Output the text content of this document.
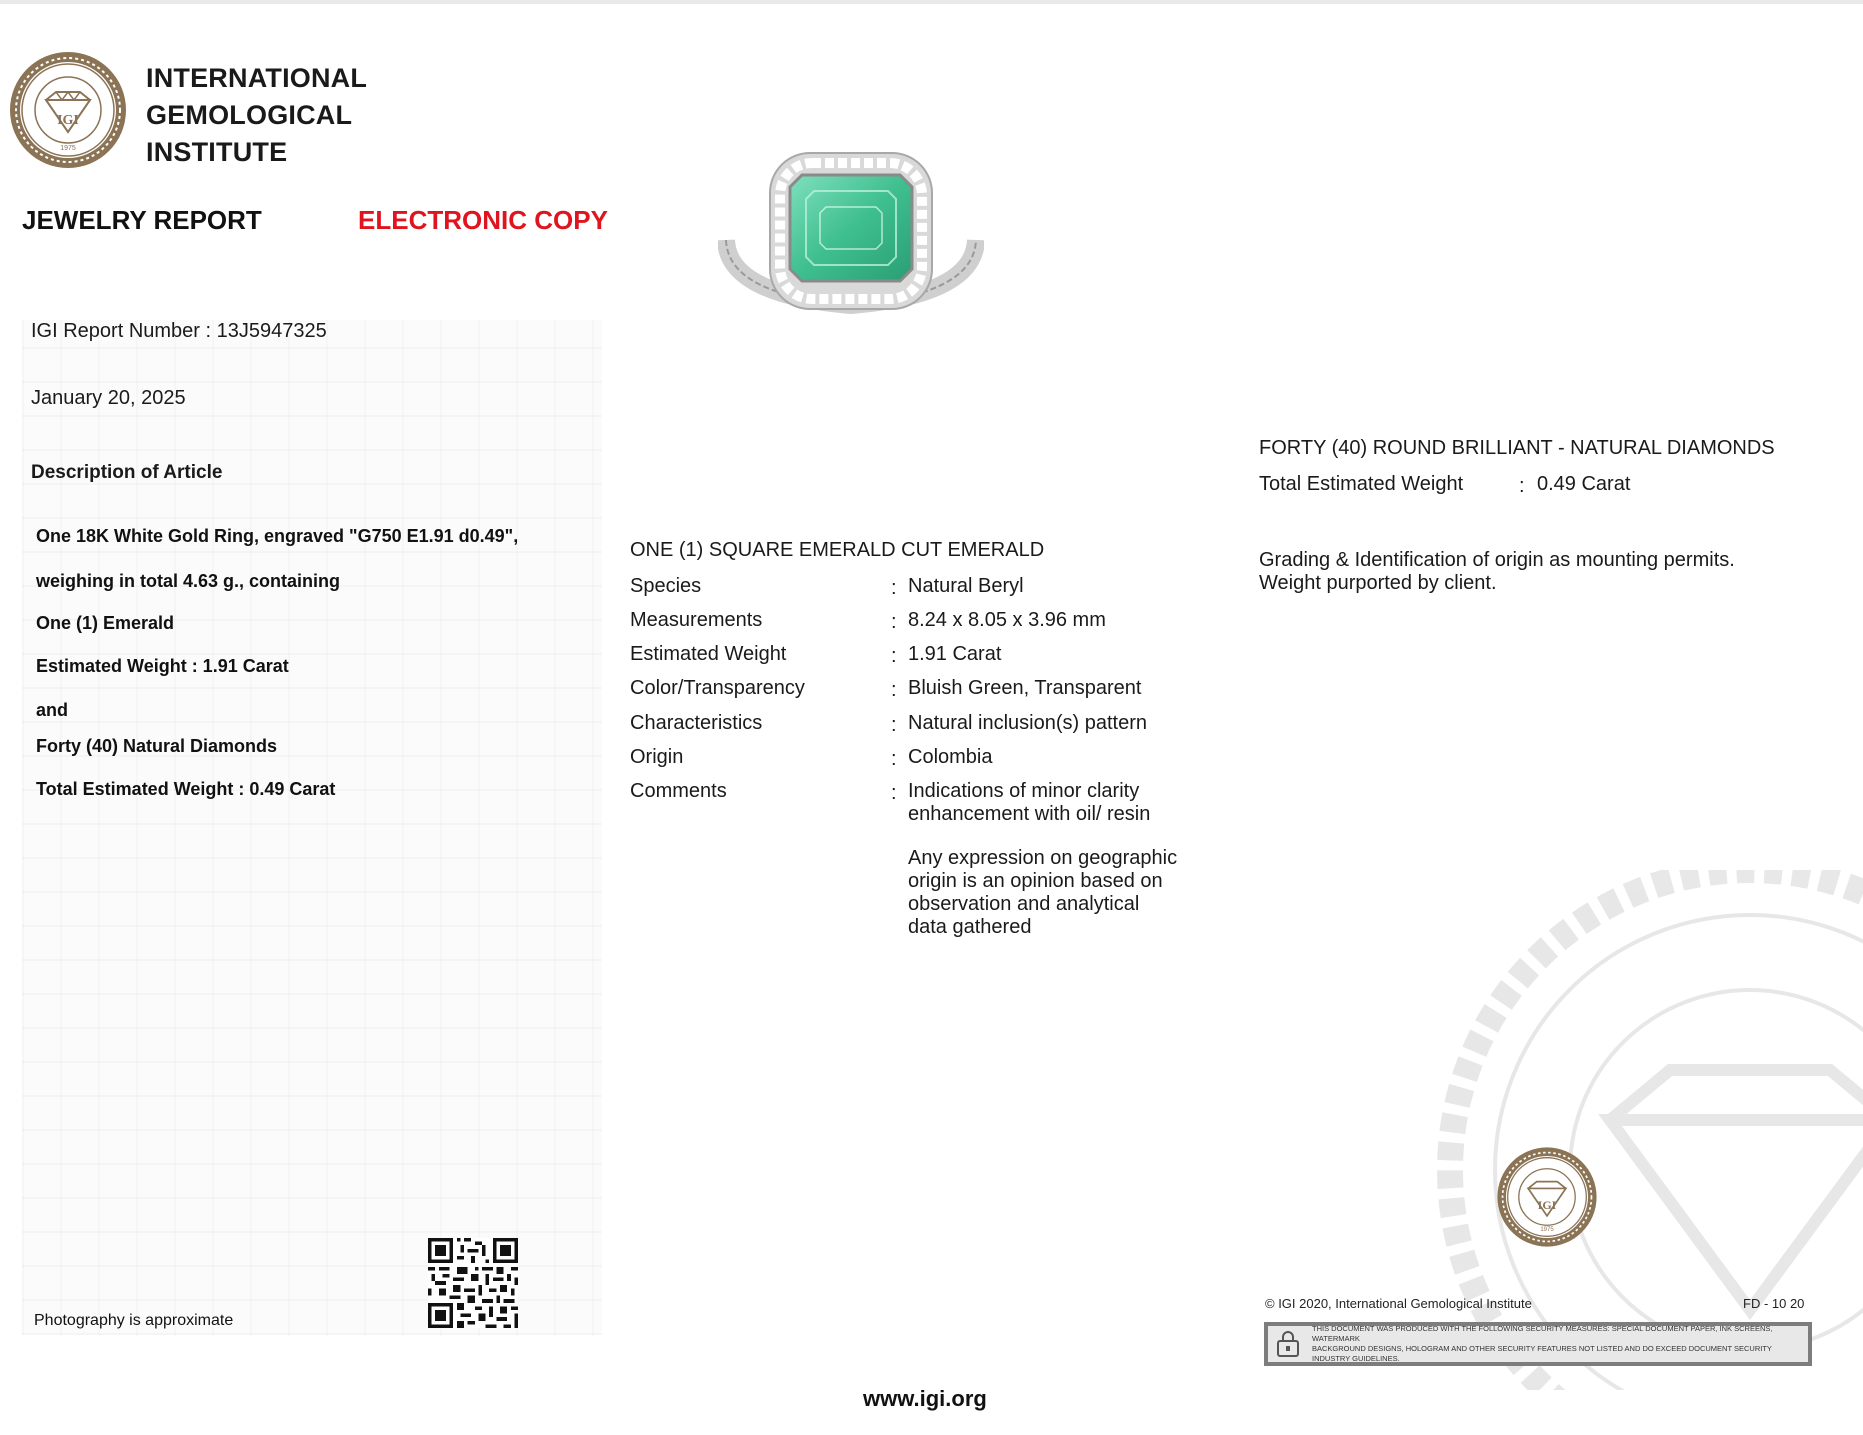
IGI
1975
INTERNATIONAL
GEMOLOGICAL
INSTITUTE
JEWELRY REPORT	ELECTRONIC COPY
IGI Report Number : 13J5947325
January 20, 2025
Description of Article
One 18K White Gold Ring, engraved "G750 E1.91 d0.49",
weighing in total 4.63 g., containing
One (1) Emerald
Estimated Weight : 1.91 Carat
and
Forty (40) Natural Diamonds
Total Estimated Weight : 0.49 Carat
Photography is approximate
ONE (1) SQUARE EMERALD CUT EMERALD
Species	: Natural Beryl
Measurements	: 8.24 x 8.05 x 3.96 mm
Estimated Weight	: 1.91 Carat
Color/Transparency	: Bluish Green, Transparent
Characteristics	: Natural inclusion(s) pattern
Origin	: Colombia
Comments	: Indications of minor clarity
enhancement with oil/ resin
Any expression on geographic
origin is an opinion based on
observation and analytical
data gathered
FORTY (40) ROUND BRILLIANT - NATURAL DIAMONDS
Total Estimated Weight	: 0.49 Carat
Grading & Identification of origin as mounting permits.
Weight purported by client.
IGI
1975
© IGI 2020, International Gemological Institute	FD - 10 20
THIS DOCUMENT WAS PRODUCED WITH THE FOLLOWING SECURITY MEASURES: SPECIAL DOCUMENT PAPER, INK SCREENS, WATERMARK
BACKGROUND DESIGNS, HOLOGRAM AND OTHER SECURITY FEATURES NOT LISTED AND DO EXCEED DOCUMENT SECURITY INDUSTRY GUIDELINES.
www.igi.org
